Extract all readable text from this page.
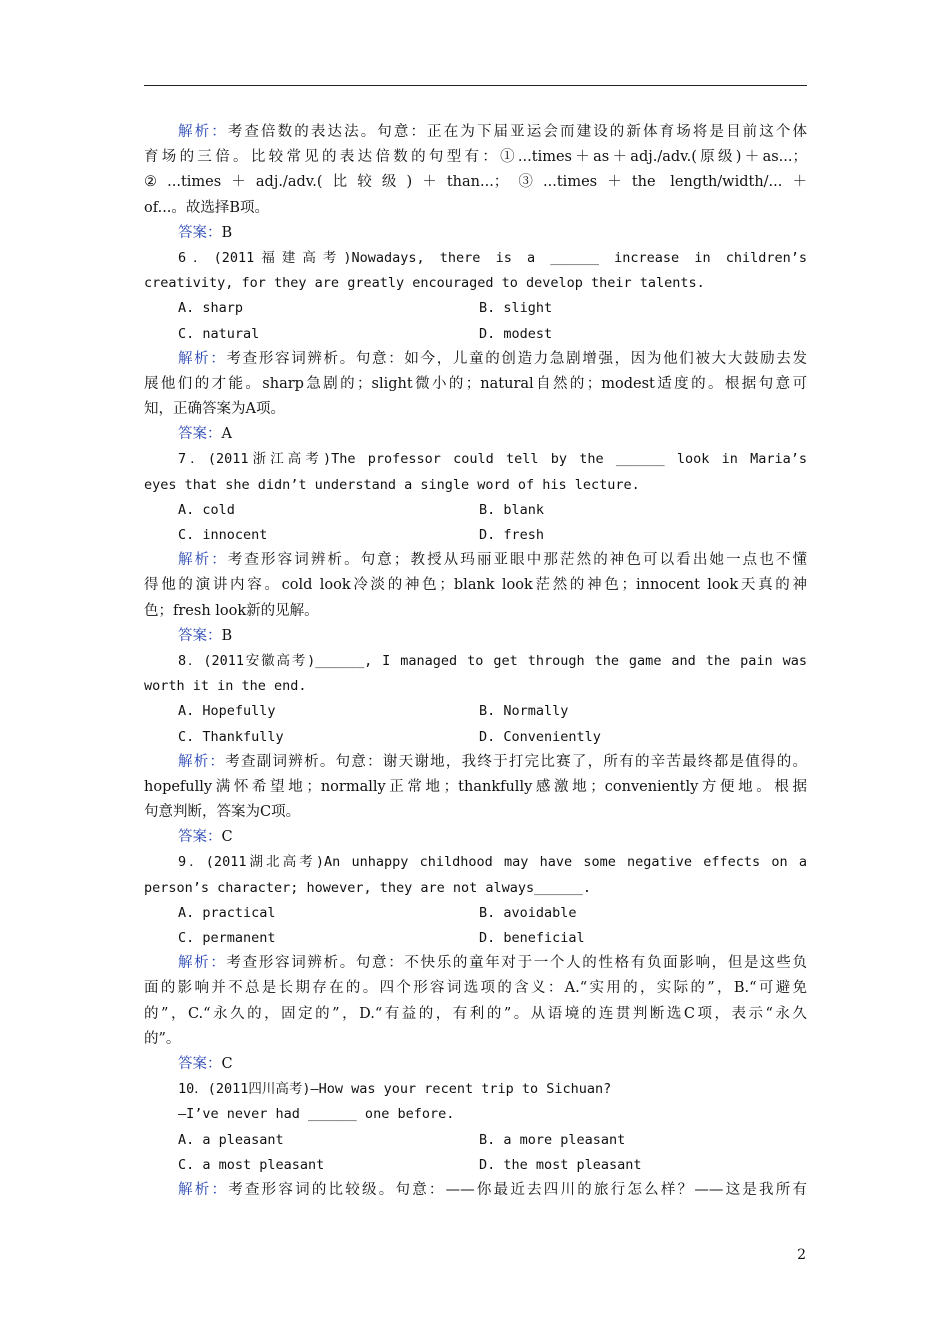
解析：考查倍数的表达法。句意：正在为下届亚运会而建设的新体育场将是目前这个体
育场的三倍。比较常见的表达倍数的句型有：①...times＋as＋adj./adv.(原级)＋as...；
②...times＋adj./adv.(比较级)＋than...；③...times＋the length/width/...＋
of...。故选择B项。
答案：B
6．(2011福建高考)Nowadays, there is a ______ increase in children’s
creativity, for they are greatly encouraged to develop their talents.
A. sharp	B. slight
C. natural	D. modest
解析：考查形容词辨析。句意：如今，儿童的创造力急剧增强，因为他们被大大鼓励去发
展他们的才能。sharp急剧的；slight微小的；natural自然的；modest适度的。根据句意可
知，正确答案为A项。
答案：A
7．(2011浙江高考)The professor could tell by the ______ look in Maria’s
eyes that she didn’t understand a single word of his lecture.
A. cold	B. blank
C. innocent	D. fresh
解析：考查形容词辨析。句意；教授从玛丽亚眼中那茫然的神色可以看出她一点也不懂
得他的演讲内容。cold look冷淡的神色；blank look茫然的神色；innocent look天真的神
色；fresh look新的见解。
答案：B
8．(2011安徽高考)______, I managed to get through the game and the pain was
worth it in the end.
A. Hopefully	B. Normally
C. Thankfully	D. Conveniently
解析：考查副词辨析。句意：谢天谢地，我终于打完比赛了，所有的辛苦最终都是值得的。
hopefully满怀希望地；normally正常地；thankfully感激地；conveniently方便地。根据
句意判断，答案为C项。
答案：C
9．(2011湖北高考)An unhappy childhood may have some negative effects on a
person’s character; however, they are not always______.
A. practical	B. avoidable
C. permanent	D. beneficial
解析：考查形容词辨析。句意：不快乐的童年对于一个人的性格有负面影响，但是这些负
面的影响并不总是长期存在的。四个形容词选项的含义：A.“实用的，实际的”，B.“可避免
的”，C.“永久的，固定的”，D.“有益的，有利的”。从语境的连贯判断选C项，表示“永久
的”。
答案：C
10．(2011四川高考)—How was your recent trip to Sichuan?
—I’ve never had ______ one before.
A. a pleasant	B. a more pleasant
C. a most pleasant	D. the most pleasant
解析：考查形容词的比较级。句意：——你最近去四川的旅行怎么样？——这是我所有
2
